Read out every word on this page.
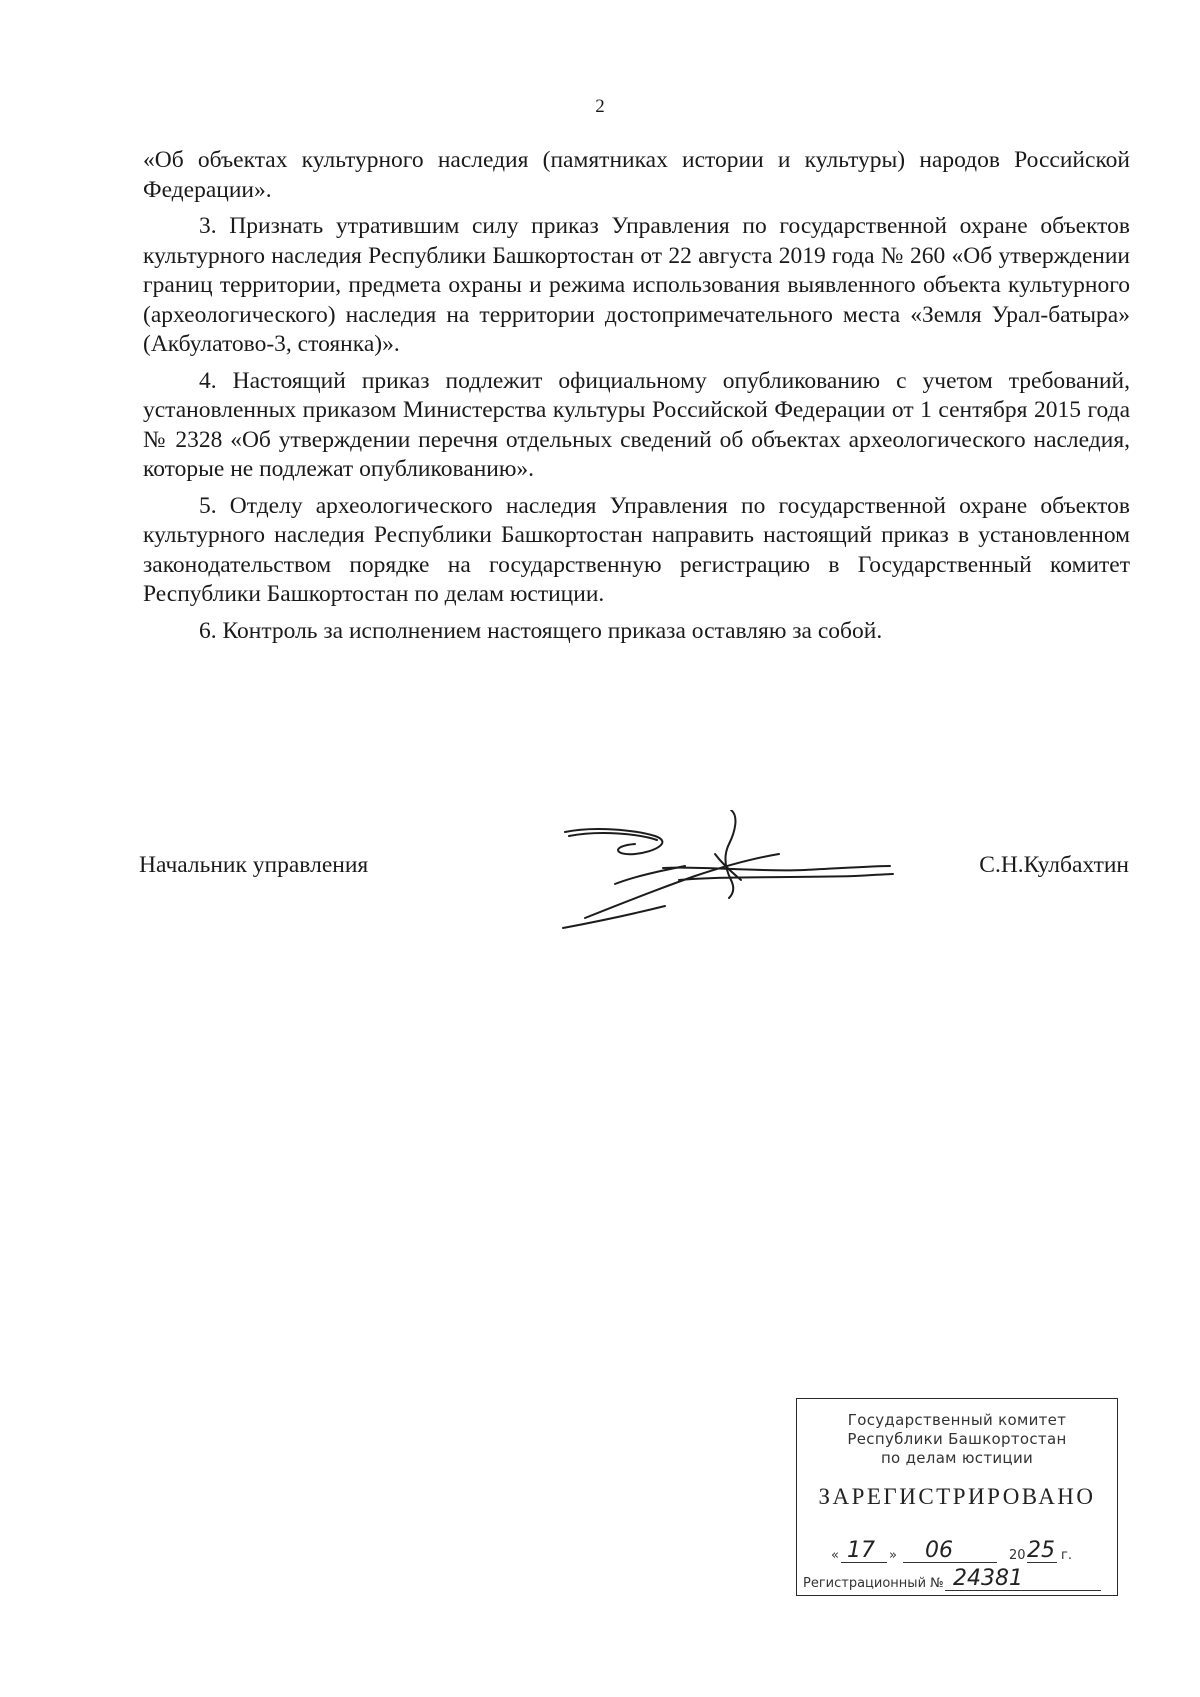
2

«Об объектах культурного наследия (памятниках истории и культуры) народов Российской Федерации».

3. Признать утратившим силу приказ Управления по государственной охране объектов культурного наследия Республики Башкортостан от 22 августа 2019 года № 260 «Об утверждении границ территории, предмета охраны и режима использования выявленного объекта культурного (археологического) наследия на территории достопримечательного места «Земля Урал-батыра» (Акбулатово-3, стоянка)».

4. Настоящий приказ подлежит официальному опубликованию с учетом требований, установленных приказом Министерства культуры Российской Федерации от 1 сентября 2015 года № 2328 «Об утверждении перечня отдельных сведений об объектах археологического наследия, которые не подлежат опубликованию».

5. Отделу археологического наследия Управления по государственной охране объектов культурного наследия Республики Башкортостан направить настоящий приказ в установленном законодательством порядке на государственную регистрацию в Государственный комитет Республики Башкортостан по делам юстиции.

6. Контроль за исполнением настоящего приказа оставляю за собой.

Начальник управления	С.Н.Кулбахтин
Государственный комитет
Республики Башкортостан
по делам юстиции
ЗАРЕГИСТРИРОВАНО
« 17 » 06	20 25 г.
Регистрационный № 24381
